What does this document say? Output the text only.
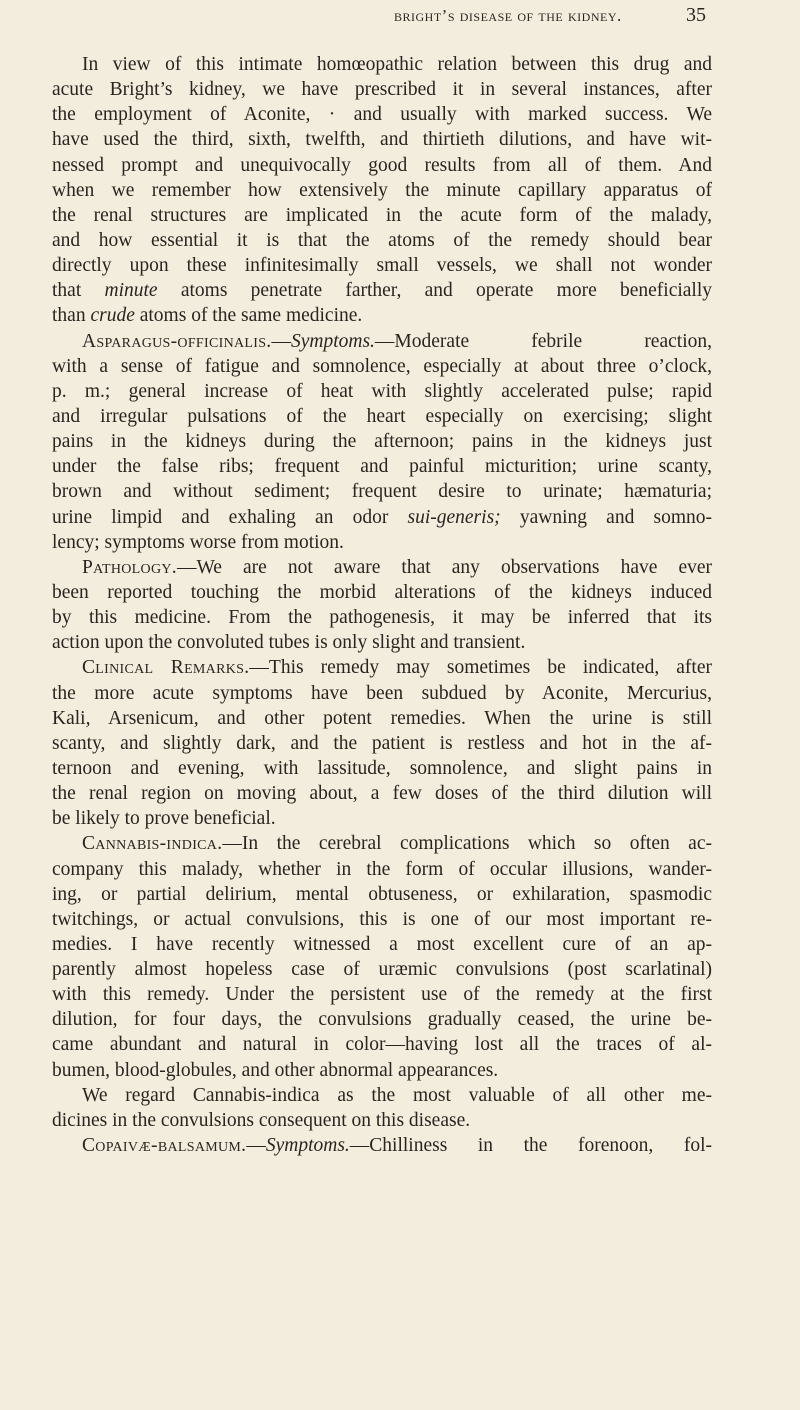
bright’s disease of the kidney.	35
In view of this intimate homœopathic relation between this drug and
acute Bright’s kidney, we have prescribed it in several instances, after
the employment of Aconite, · and usually with marked success. We
have used the third, sixth, twelfth, and thirtieth dilutions, and have wit-
nessed prompt and unequivocally good results from all of them. And
when we remember how extensively the minute capillary apparatus of
the renal structures are implicated in the acute form of the malady,
and how essential it is that the atoms of the remedy should bear
directly upon these infinitesimally small vessels, we shall not wonder
that minute atoms penetrate farther, and operate more beneficially
than crude atoms of the same medicine.
Asparagus-officinalis.—Symptoms.—Moderate febrile reaction,
with a sense of fatigue and somnolence, especially at about three o’clock,
p. m.; general increase of heat with slightly accelerated pulse; rapid
and irregular pulsations of the heart especially on exercising; slight
pains in the kidneys during the afternoon; pains in the kidneys just
under the false ribs; frequent and painful micturition; urine scanty,
brown and without sediment; frequent desire to urinate; hæmaturia;
urine limpid and exhaling an odor sui-generis; yawning and somno-
lency; symptoms worse from motion.
Pathology.—We are not aware that any observations have ever
been reported touching the morbid alterations of the kidneys induced
by this medicine. From the pathogenesis, it may be inferred that its
action upon the convoluted tubes is only slight and transient.
Clinical Remarks.—This remedy may sometimes be indicated, after
the more acute symptoms have been subdued by Aconite, Mercurius,
Kali, Arsenicum, and other potent remedies. When the urine is still
scanty, and slightly dark, and the patient is restless and hot in the af-
ternoon and evening, with lassitude, somnolence, and slight pains in
the renal region on moving about, a few doses of the third dilution will
be likely to prove beneficial.
Cannabis-indica.—In the cerebral complications which so often ac-
company this malady, whether in the form of occular illusions, wander-
ing, or partial delirium, mental obtuseness, or exhilaration, spasmodic
twitchings, or actual convulsions, this is one of our most important re-
medies. I have recently witnessed a most excellent cure of an ap-
parently almost hopeless case of uræmic convulsions (post scarlatinal)
with this remedy. Under the persistent use of the remedy at the first
dilution, for four days, the convulsions gradually ceased, the urine be-
came abundant and natural in color—having lost all the traces of al-
bumen, blood-globules, and other abnormal appearances.
We regard Cannabis-indica as the most valuable of all other me-
dicines in the convulsions consequent on this disease.
Copaivæ-balsamum.—Symptoms.—Chilliness in the forenoon, fol-
